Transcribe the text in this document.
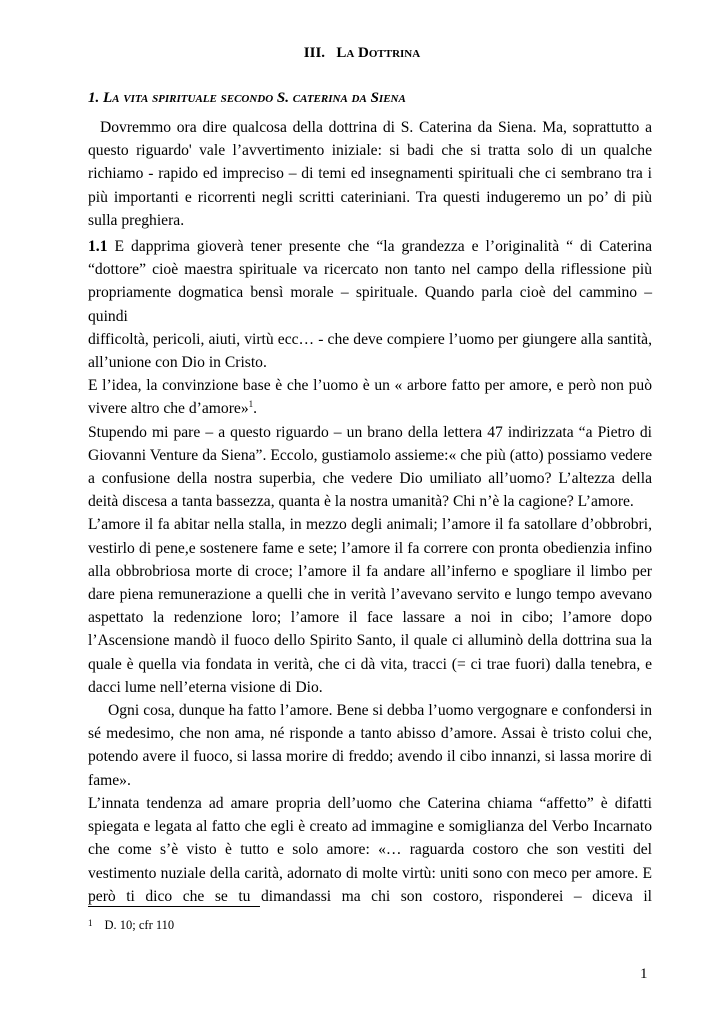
III. La Dottrina
1. La vita spirituale secondo S. caterina da Siena

Dovremmo ora dire qualcosa della dottrina di S. Caterina da Siena. Ma, soprattutto a questo riguardo' vale l’avvertimento iniziale: si badi che si tratta solo di un qualche richiamo - rapido ed impreciso – di temi ed insegnamenti spirituali che ci sembrano tra i più importanti e ricorrenti negli scritti cateriniani. Tra questi indugeremo un po’ di più sulla preghiera.

1.1 E dapprima gioverà tener presente che “la grandezza e l’originalità “ di Caterina “dottore” cioè maestra spirituale va ricercato non tanto nel campo della riflessione più propriamente dogmatica bensì morale – spirituale. Quando parla cioè del cammino – quindi

difficoltà, pericoli, aiuti, virtù ecc… - che deve compiere l’uomo per giungere alla santità, all’unione con Dio in Cristo.

E l’idea, la convinzione base è che l’uomo è un « arbore fatto per amore, e però non può vivere altro che d’amore»$^1$.

Stupendo mi pare – a questo riguardo – un brano della lettera 47 indirizzata “a Pietro di Giovanni Venture da Siena”. Eccolo, gustiamolo assieme:« che più (atto) possiamo vedere a confusione della nostra superbia, che vedere Dio umiliato all’uomo? L’altezza della deità discesa a tanta bassezza, quanta è la nostra umanità? Chi n’è la cagione? L’amore.

L’amore il fa abitar nella stalla, in mezzo degli animali; l’amore il fa satollare d’obbrobri, vestirlo di pene,e sostenere fame e sete; l’amore il fa correre con pronta obedienzia infino alla obbrobriosa morte di croce; l’amore il fa andare all’inferno e spogliare il limbo per dare piena remunerazione a quelli che in verità l’avevano servito e lungo tempo avevano aspettato la redenzione loro; l’amore il face lassare a noi in cibo; l’amore dopo l’Ascensione mandò il fuoco dello Spirito Santo, il quale ci alluminò della dottrina sua la quale è quella via fondata in verità, che ci dà vita, tracci (= ci trae fuori) dalla tenebra, e dacci lume nell’eterna visione di Dio.

Ogni cosa, dunque ha fatto l’amore. Bene si debba l’uomo vergognare e confondersi in sé medesimo, che non ama, né risponde a tanto abisso d’amore. Assai è tristo colui che, potendo avere il fuoco, si lassa morire di freddo; avendo il cibo innanzi, si lassa morire di fame».

L’innata tendenza ad amare propria dell’uomo che Caterina chiama “affetto” è difatti spiegata e legata al fatto che egli è creato ad immagine e somiglianza del Verbo Incarnato che come s’è visto è tutto e solo amore: «… raguarda costoro che son vestiti del vestimento nuziale della carità, adornato di molte virtù: uniti sono con meco per amore. E però ti dico che se tu dimandassi ma chi son costoro, risponderei – diceva il

$^1$ D. 10; cfr 110
1
